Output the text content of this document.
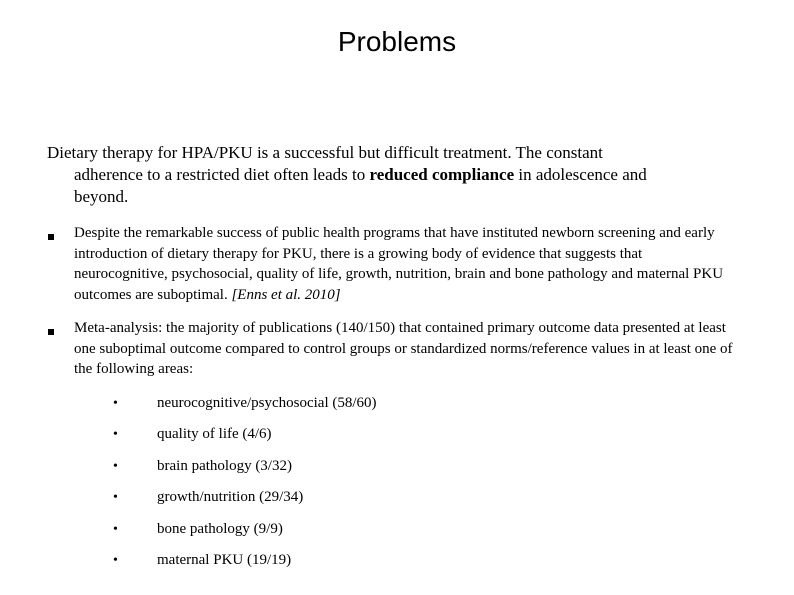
Problems
Dietary therapy for HPA/PKU is a successful but difficult treatment. The constant
adherence to a restricted diet often leads to reduced compliance in adolescence and
beyond.
Despite the remarkable success of public health programs that have instituted newborn screening and early introduction of dietary therapy for PKU, there is a growing body of evidence that suggests that neurocognitive, psychosocial, quality of life, growth, nutrition, brain and bone pathology and maternal PKU outcomes are suboptimal. [Enns et al. 2010]
Meta-analysis: the majority of publications (140/150) that contained primary outcome data presented at least one suboptimal outcome compared to control groups or standardized norms/reference values in at least one of the following areas:
•	neurocognitive/psychosocial (58/60)
•	quality of life (4/6)
•	brain pathology (3/32)
•	growth/nutrition (29/34)
•	bone pathology (9/9)
•	maternal PKU (19/19)
